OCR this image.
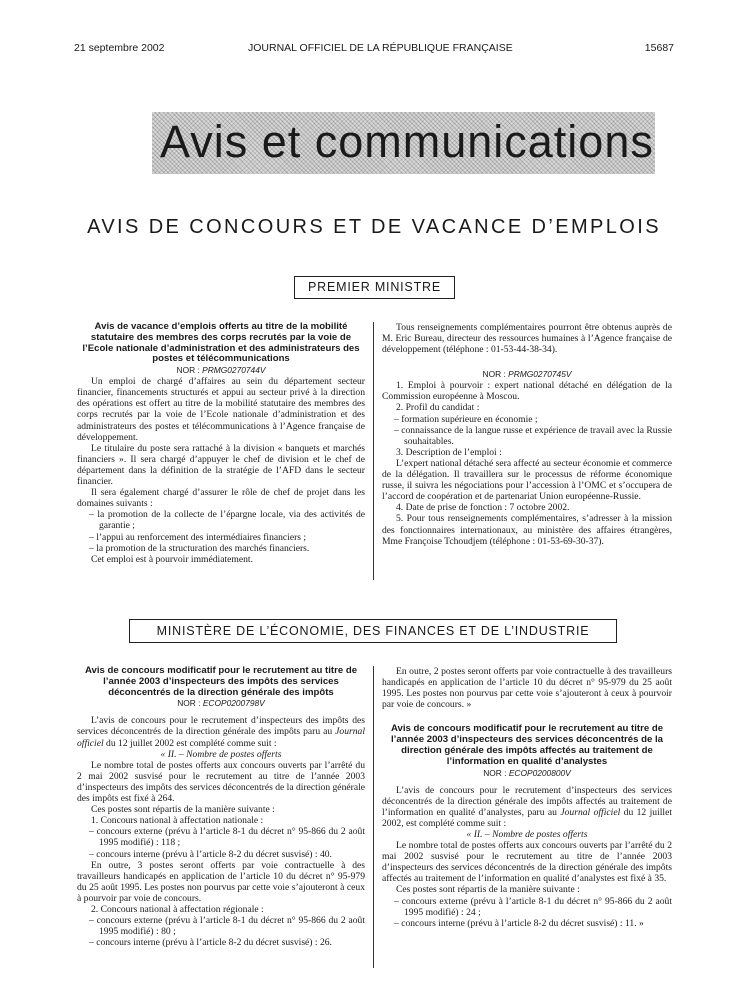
21 septembre 2002	JOURNAL OFFICIEL DE LA RÉPUBLIQUE FRANÇAISE	15687
Avis et communications
AVIS DE CONCOURS ET DE VACANCE D’EMPLOIS
PREMIER MINISTRE

Avis de vacance d’emplois offerts au titre de la mobilité statutaire des membres des corps recrutés par la voie de l’Ecole nationale d’administration et des administrateurs des postes et télécommunications

NOR : PRMG0270744V

Un emploi de chargé d’affaires au sein du département secteur financier, financements structurés et appui au secteur privé à la direction des opérations est offert au titre de la mobilité statutaire des membres des corps recrutés par la voie de l’Ecole nationale d’administration et des administrateurs des postes et télécommunications à l’Agence française de développement.

Le titulaire du poste sera rattaché à la division « banquets et marchés financiers ». Il sera chargé d’appuyer le chef de division et le chef de département dans la définition de la stratégie de l’AFD dans le secteur financier.

Il sera également chargé d’assurer le rôle de chef de projet dans les domaines suivants :

– la promotion de la collecte de l’épargne locale, via des activités de garantie ;

– l’appui au renforcement des intermédiaires financiers ;

– la promotion de la structuration des marchés financiers.

Cet emploi est à pourvoir immédiatement.

Tous renseignements complémentaires pourront être obtenus auprès de M. Eric Bureau, directeur des ressources humaines à l’Agence française de développement (téléphone : 01-53-44-38-34).

NOR : PRMG0270745V

1. Emploi à pourvoir : expert national détaché en délégation de la Commission européenne à Moscou.

2. Profil du candidat :

– formation supérieure en économie ;

– connaissance de la langue russe et expérience de travail avec la Russie souhaitables.

3. Description de l’emploi :

L’expert national détaché sera affecté au secteur économie et commerce de la délégation. Il travaillera sur le processus de réforme économique russe, il suivra les négociations pour l’accession à l’OMC et s’occupera de l’accord de coopération et de partenariat Union européenne-Russie.

4. Date de prise de fonction : 7 octobre 2002.

5. Pour tous renseignements complémentaires, s’adresser à la mission des fonctionnaires internationaux, au ministère des affaires étrangères, Mme Françoise Tchoudjem (téléphone : 01-53-69-30-37).

MINISTÈRE DE L’ÉCONOMIE, DES FINANCES ET DE L’INDUSTRIE

Avis de concours modificatif pour le recrutement au titre de l’année 2003 d’inspecteurs des impôts des services déconcentrés de la direction générale des impôts

NOR : ECOP0200798V

L’avis de concours pour le recrutement d’inspecteurs des impôts des services déconcentrés de la direction générale des impôts paru au Journal officiel du 12 juillet 2002 est complété comme suit :

« II. – Nombre de postes offerts

Le nombre total de postes offerts aux concours ouverts par l’arrêté du 2 mai 2002 susvisé pour le recrutement au titre de l’année 2003 d’inspecteurs des impôts des services déconcentrés de la direction générale des impôts est fixé à 264.

Ces postes sont répartis de la manière suivante :

1. Concours national à affectation nationale :

– concours externe (prévu à l’article 8-1 du décret n° 95-866 du 2 août 1995 modifié) : 118 ;

– concours interne (prévu à l’article 8-2 du décret susvisé) : 40.

En outre, 3 postes seront offerts par voie contractuelle à des travailleurs handicapés en application de l’article 10 du décret n° 95-979 du 25 août 1995. Les postes non pourvus par cette voie s’ajouteront à ceux à pourvoir par voie de concours.

2. Concours national à affectation régionale :

– concours externe (prévu à l’article 8-1 du décret n° 95-866 du 2 août 1995 modifié) : 80 ;

– concours interne (prévu à l’article 8-2 du décret susvisé) : 26.

En outre, 2 postes seront offerts par voie contractuelle à des travailleurs handicapés en application de l’article 10 du décret n° 95-979 du 25 août 1995. Les postes non pourvus par cette voie s’ajouteront à ceux à pourvoir par voie de concours. »

Avis de concours modificatif pour le recrutement au titre de l’année 2003 d’inspecteurs des services déconcentrés de la direction générale des impôts affectés au traitement de l’information en qualité d’analystes

NOR : ECOP0200800V

L’avis de concours pour le recrutement d’inspecteurs des services déconcentrés de la direction générale des impôts affectés au traitement de l’information en qualité d’analystes, paru au Journal officiel du 12 juillet 2002, est complété comme suit :

« II. – Nombre de postes offerts

Le nombre total de postes offerts aux concours ouverts par l’arrêté du 2 mai 2002 susvisé pour le recrutement au titre de l’année 2003 d’inspecteurs des services déconcentrés de la direction générale des impôts affectés au traitement de l’information en qualité d’analystes est fixé à 35.

Ces postes sont répartis de la manière suivante :

– concours externe (prévu à l’article 8-1 du décret n° 95-866 du 2 août 1995 modifié) : 24 ;

– concours interne (prévu à l’article 8-2 du décret susvisé) : 11. »
